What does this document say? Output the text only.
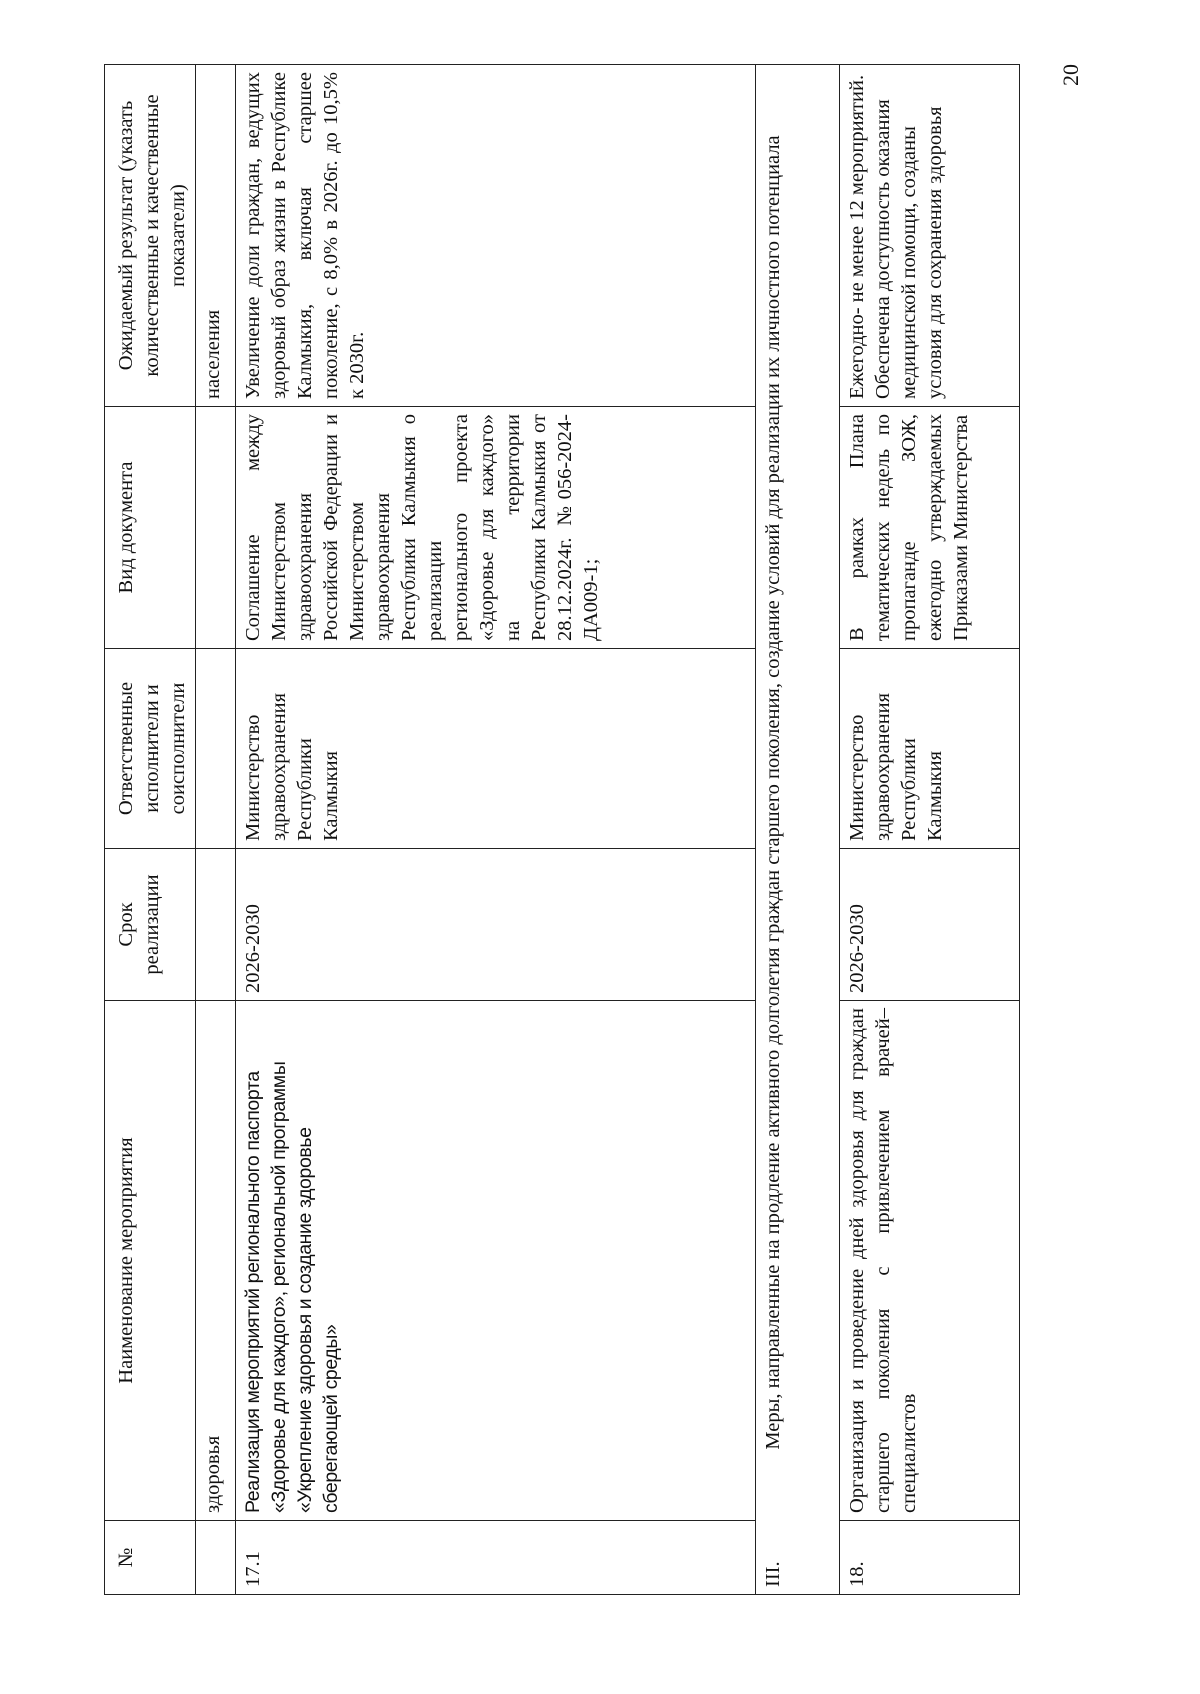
20
№	Наименование мероприятия	Срок реализации	Ответственные исполнители и соисполнители	Вид документа	Ожидаемый результат (указать количественные и качественные показатели)
	здоровья				населения
17.1	Реализация мероприятий регионального паспорта «Здоровье для каждого», региональной программы «Укрепление здоровья и создание здоровье сберегающей среды»	2026-2030	Министерство здравоохранения Республики Калмыкия	Соглашение между Министерством здравоохранения Российской Федерации и Министерством здравоохранения Республики Калмыкия о реализации регионального проекта «Здоровье для каждого» на территории Республики Калмыкия от 28.12.2024г. №056-2024-ДА009-1;	Увеличение доли граждан, ведущих здоровый образ жизни в Республике Калмыкия, включая старшее поколение, с 8,0% в 2026г. до 10,5% к 2030г.

III.
Меры, направленные на продление активного долголетия граждан старшего поколения, создание условий для реализации их личностного потенциала					

18.	Организация и проведение дней здоровья для граждан старшего поколения с привлечением врачей–специалистов	2026-2030	Министерство здравоохранения Республики Калмыкия	В рамках Плана тематических недель по пропаганде ЗОЖ, ежегодно утверждаемых Приказами Министерства	Ежегодно- не менее 12 мероприятий. Обеспечена доступность оказания медицинской помощи, созданы условия для сохранения здоровья
